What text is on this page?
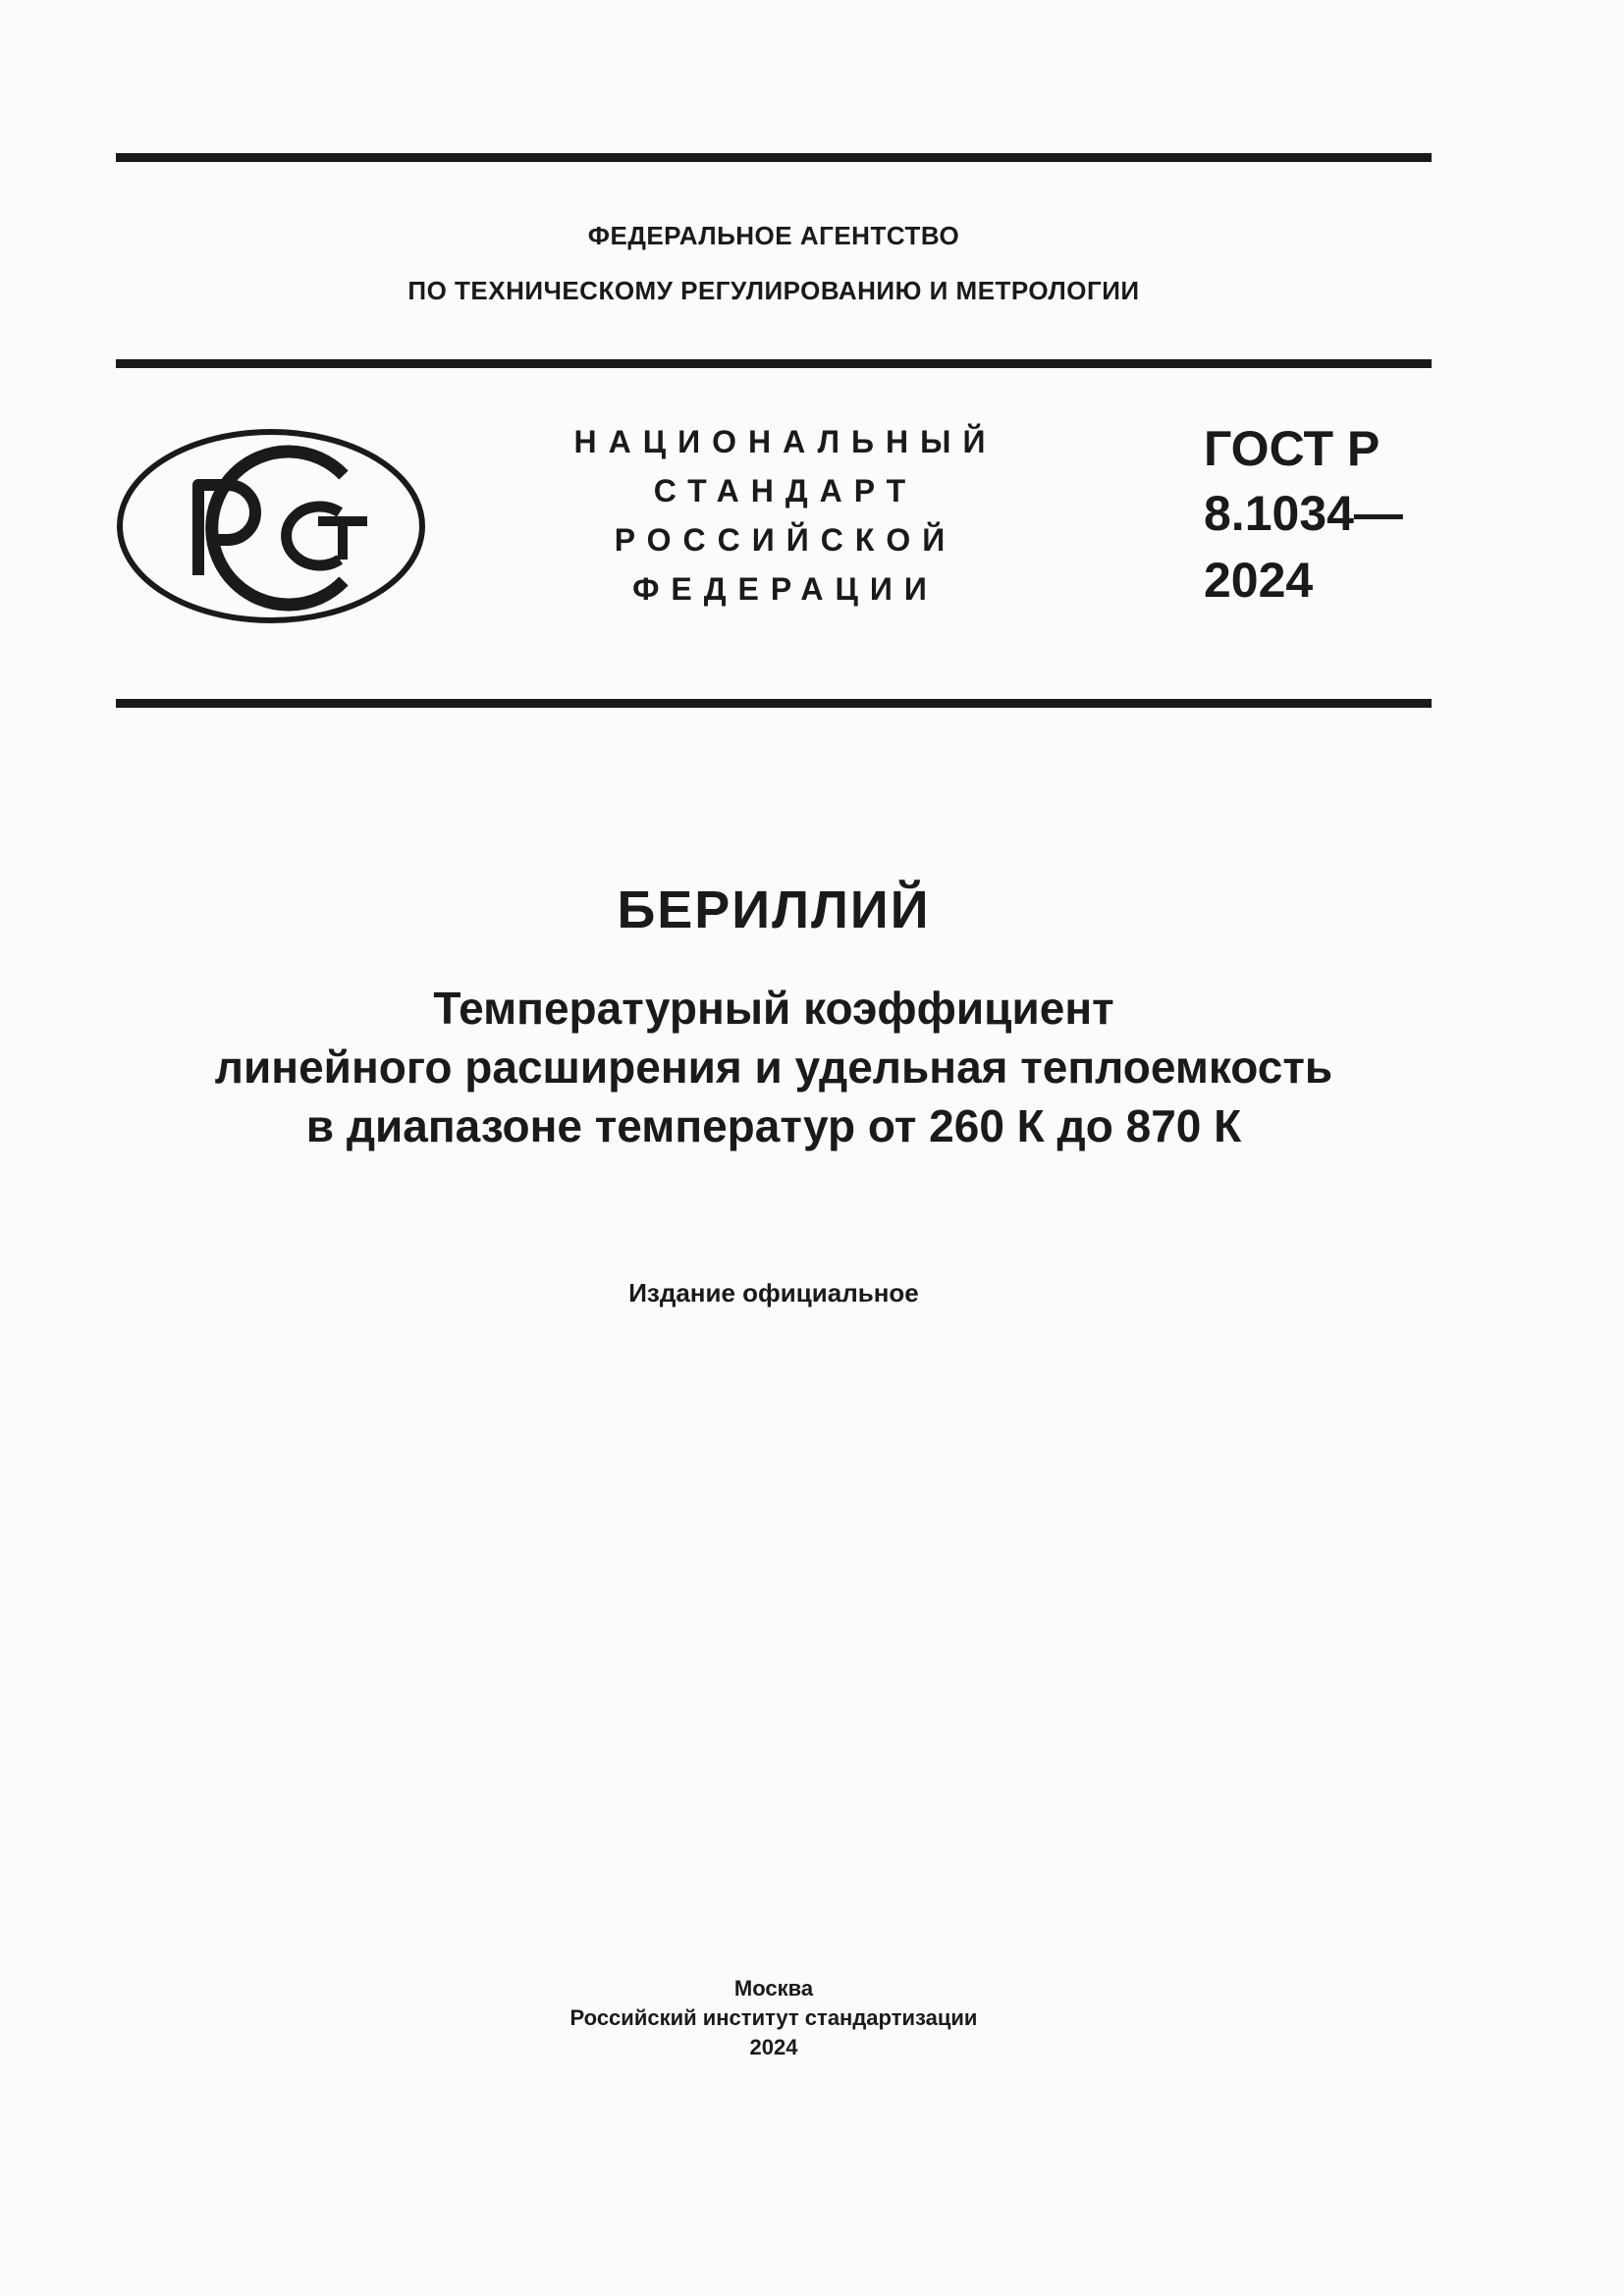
ФЕДЕРАЛЬНОЕ АГЕНТСТВО
ПО ТЕХНИЧЕСКОМУ РЕГУЛИРОВАНИЮ И МЕТРОЛОГИИ
НАЦИОНАЛЬНЫЙ
СТАНДАРТ
РОССИЙСКОЙ
ФЕДЕРАЦИИ
ГОСТ Р
8.1034—
2024
БЕРИЛЛИЙ
Температурный коэффициент
линейного расширения и удельная теплоемкость
в диапазоне температур от 260 К до 870 К
Издание официальное
Москва
Российский институт стандартизации
2024
